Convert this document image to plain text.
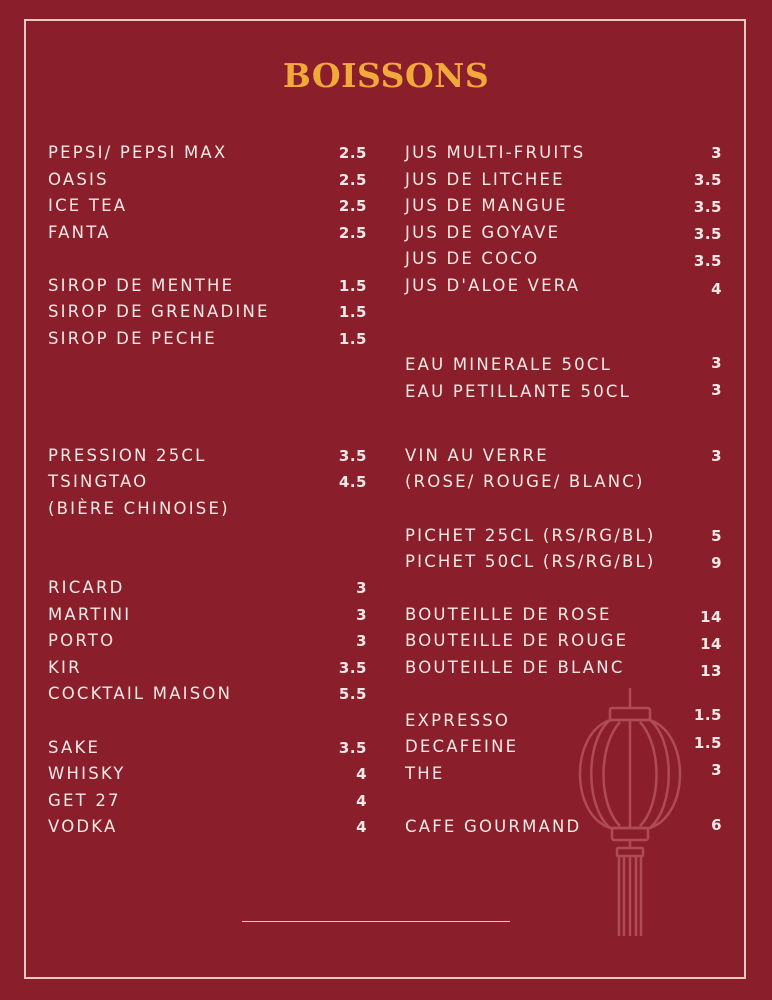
BOISSONS
PEPSI/ PEPSI MAX	2.5
OASIS	2.5
ICE TEA	2.5
FANTA	2.5
SIROP DE MENTHE	1.5
SIROP DE GRENADINE	1.5
SIROP DE PECHE	1.5
PRESSION 25CL	3.5
TSINGTAO	4.5
(BIÈRE CHINOISE)
RICARD	3
MARTINI	3
PORTO	3
KIR	3.5
COCKTAIL MAISON	5.5
SAKE	3.5
WHISKY	4
GET 27	4
VODKA	4
JUS MULTI-FRUITS	3
JUS DE LITCHEE	3.5
JUS DE MANGUE	3.5
JUS DE GOYAVE	3.5
JUS DE COCO	3.5
JUS D'ALOE VERA	4
EAU MINERALE 50CL	3
EAU PETILLANTE 50CL	3
VIN AU VERRE	3
(ROSE/ ROUGE/ BLANC)
PICHET 25CL (RS/RG/BL)	5
PICHET 50CL (RS/RG/BL)	9
BOUTEILLE DE ROSE	14
BOUTEILLE DE ROUGE	14
BOUTEILLE DE BLANC	13
EXPRESSO	1.5
DECAFEINE	1.5
THE	3
CAFE GOURMAND	6
